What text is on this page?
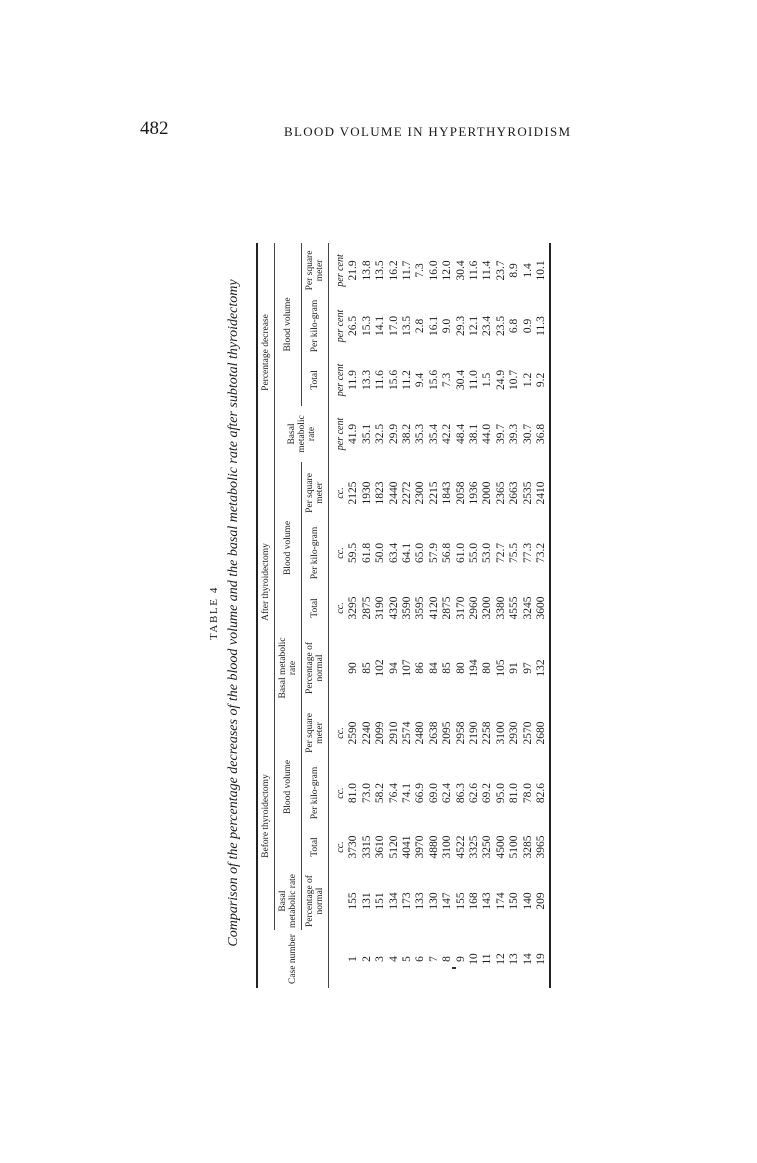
482	BLOOD VOLUME IN HYPERTHYROIDISM
TABLE 4 Comparison of the percentage decreases of the blood volume and the basal metabolic rate after subtotal thyroidectomy
Case number	Before thyroidectomy				After thyroidectomy				Percentage decrease			
	Basal metabolic rate	Blood volume			Basal metabolic rate	Blood volume			Basal metabolic rate	Blood volume		
	Percentage of normal	Total	Per kilo-gram	Per square meter	Percentage of normal	Total	Per kilo-gram	Per square meter		Total	Per kilo-gram	Per square meter
		cc.	cc.	cc.		cc.	cc.	cc.	per cent	per cent	per cent	per cent
1	155	3730	81.0	2590	90	3295	59.5	2125	41.9	11.9	26.5	21.9
2	131	3315	73.0	2240	85	2875	61.8	1930	35.1	13.3	15.3	13.8
3	151	3610	58.2	2099	102	3190	50.0	1823	32.5	11.6	14.1	13.5
4	134	5120	76.4	2910	94	4320	63.4	2440	29.9	15.6	17.0	16.2
5	173	4041	74.1	2574	107	3590	64.1	2272	38.2	11.2	13.5	11.7
6	133	3970	66.9	2480	86	3595	65.0	2300	35.3	9.4	2.8	7.3
7	130	4880	69.0	2638	84	4120	57.9	2215	35.4	15.6	16.1	16.0
8	147	3100	62.4	2095	85	2875	56.8	1843	42.2	7.3	9.0	12.0
9	155	4522	86.3	2958	80	3170	61.0	2058	48.4	30.4	29.3	30.4
10	168	3325	62.6	2190	194	2960	55.0	1936	38.1	11.0	12.1	11.6
11	143	3250	69.2	2258	80	3200	53.0	2000	44.0	1.5	23.4	11.4
12	174	4500	95.0	3100	105	3380	72.7	2365	39.7	24.9	23.5	23.7
13	150	5100	81.0	2930	91	4555	75.5	2663	39.3	10.7	6.8	8.9
14	140	3285	78.0	2570	97	3245	77.3	2535	30.7	1.2	0.9	1.4
19	209	3965	82.6	2680	132	3600	73.2	2410	36.8	9.2	11.3	10.1
